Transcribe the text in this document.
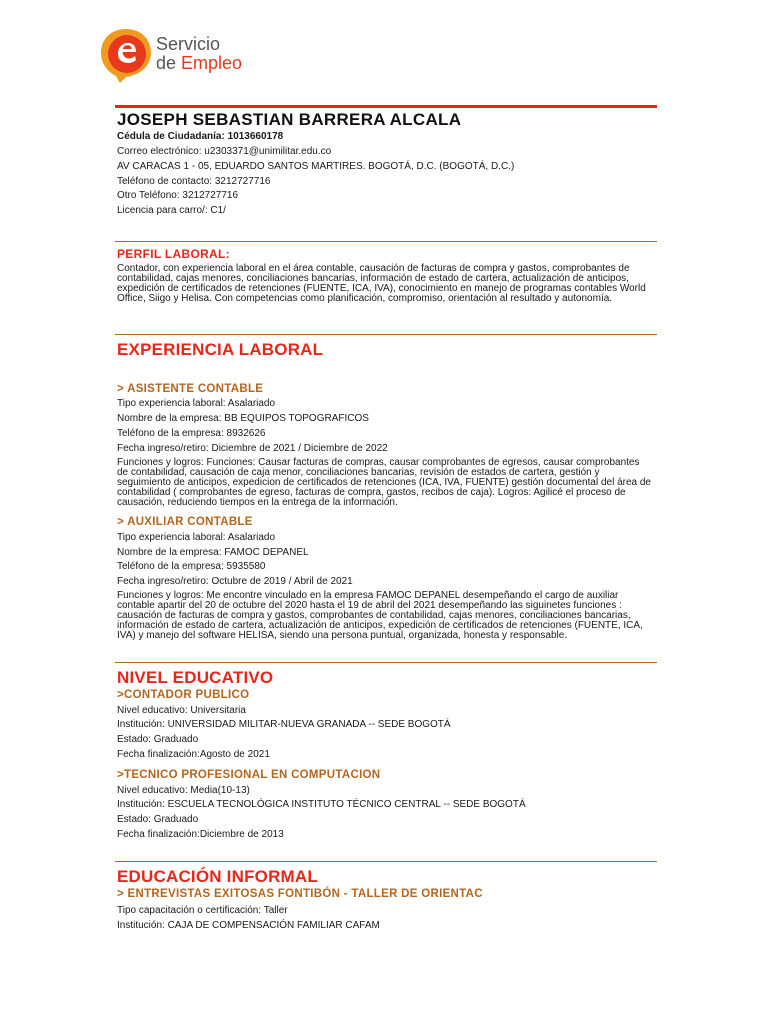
Servicio
de Empleo
JOSEPH SEBASTIAN BARRERA ALCALA
Cédula de Ciudadanía: 1013660178
Correo electrónico: u2303371@unimilitar.edu.co
AV CARACAS 1 - 05, EDUARDO SANTOS MARTIRES. BOGOTÁ, D.C. (BOGOTÁ, D.C.)
Teléfono de contacto: 3212727716
Otro Teléfono: 3212727716
Licencia para carro/: C1/
PERFIL LABORAL:
Contador, con experiencia laboral en el área contable, causación de facturas de compra y gastos, comprobantes de contabilidad, cajas menores, conciliaciones bancarias, información de estado de cartera, actualización de anticipos, expedición de certificados de retenciones (FUENTE, ICA, IVA), conocimiento en manejo de programas contables World Office, Siigo y Helisa. Con competencias como planificación, compromiso, orientación al resultado y autonomía.
EXPERIENCIA LABORAL
> ASISTENTE CONTABLE
Tipo experiencia laboral: Asalariado
Nombre de la empresa: BB EQUIPOS TOPOGRAFICOS
Teléfono de la empresa: 8932626
Fecha ingreso/retiro: Diciembre de 2021 / Diciembre de 2022
Funciones y logros: Funciones: Causar facturas de compras, causar comprobantes de egresos, causar comprobantes de contabilidad, causación de caja menor, conciliaciones bancarias, revisión de estados de cartera, gestión y seguimiento de anticipos, expedicion de certificados de retenciones (ICA, IVA, FUENTE) gestión documental del área de contabilidad ( comprobantes de egreso, facturas de compra, gastos, recibos de caja). Logros: Agilicé el proceso de causación, reduciendo tiempos en la entrega de la información.
> AUXILIAR CONTABLE
Tipo experiencia laboral: Asalariado
Nombre de la empresa: FAMOC DEPANEL
Teléfono de la empresa: 5935580
Fecha ingreso/retiro: Octubre de 2019 / Abril de 2021
Funciones y logros: Me encontre vinculado en la empresa FAMOC DEPANEL desempeñando el cargo de auxiliar contable apartir del 20 de octubre del 2020 hasta el 19 de abril del 2021 desempeñando las siguinetes funciones : causación de facturas de compra y gastos, comprobantes de contabilidad, cajas menores, conciliaciones bancarias, información de estado de cartera, actualización de anticipos, expedición de certificados de retenciones (FUENTE, ICA, IVA) y manejo del software HELISA, siendo una persona puntual, organizada, honesta y responsable.
NIVEL EDUCATIVO
>CONTADOR PUBLICO
Nivel educativo: Universitaria
Institución: UNIVERSIDAD MILITAR-NUEVA GRANADA -- SEDE BOGOTÁ
Estado: Graduado
Fecha finalización:Agosto de 2021
>TECNICO PROFESIONAL EN COMPUTACION
Nivel educativo: Media(10-13)
Institución: ESCUELA TECNOLÓGICA INSTITUTO TÉCNICO CENTRAL -- SEDE BOGOTÁ
Estado: Graduado
Fecha finalización:Diciembre de 2013
EDUCACIÓN INFORMAL
> ENTREVISTAS EXITOSAS FONTIBÓN - TALLER DE ORIENTAC
Tipo capacitación o certificación: Taller
Institución: CAJA DE COMPENSACIÓN FAMILIAR CAFAM
